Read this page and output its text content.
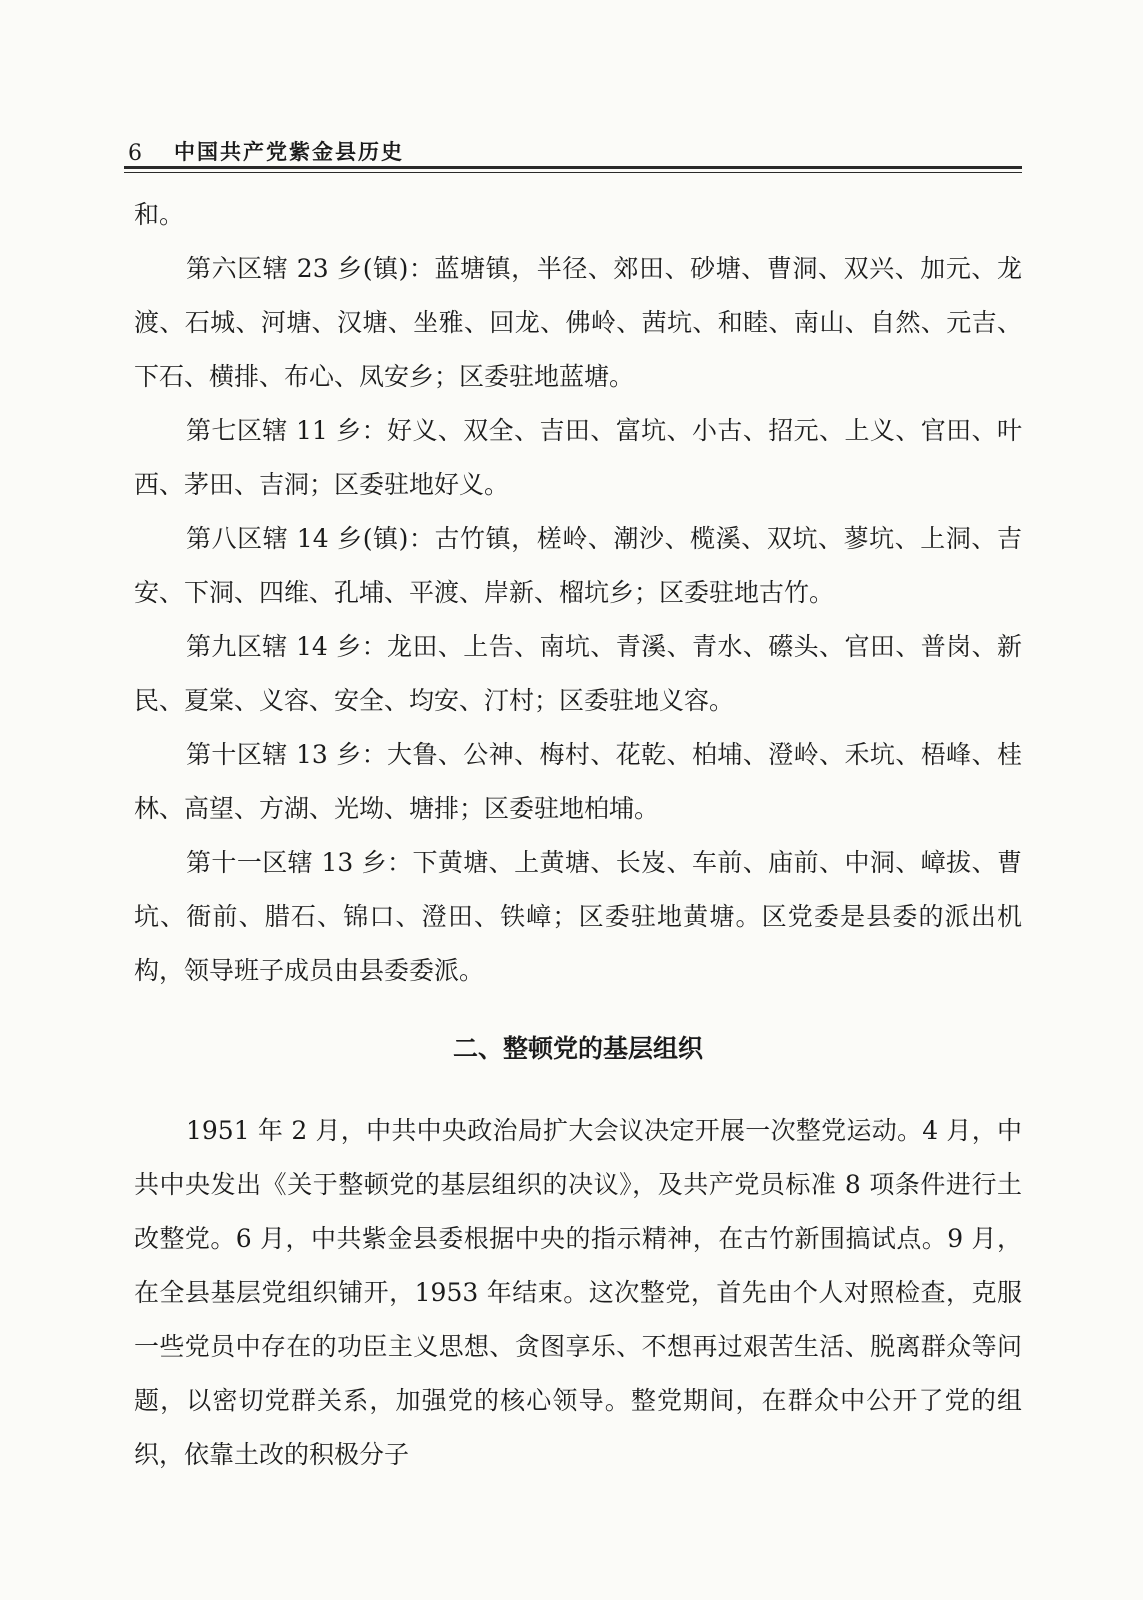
6	中国共产党紫金县历史

和。

第六区辖 23 乡(镇)：蓝塘镇，半径、郊田、砂塘、曹洞、双兴、加元、龙渡、石城、河塘、汉塘、坐雅、回龙、佛岭、茜坑、和睦、南山、自然、元吉、下石、横排、布心、凤安乡；区委驻地蓝塘。

第七区辖 11 乡：好义、双全、吉田、富坑、小古、招元、上义、官田、叶西、茅田、吉洞；区委驻地好义。

第八区辖 14 乡(镇)：古竹镇，槎岭、潮沙、榄溪、双坑、蓼坑、上洞、吉安、下洞、四维、孔埔、平渡、岸新、榴坑乡；区委驻地古竹。

第九区辖 14 乡：龙田、上告、南坑、青溪、青水、礤头、官田、普岗、新民、夏棠、义容、安全、均安、汀村；区委驻地义容。

第十区辖 13 乡：大鲁、公神、梅村、花乾、柏埔、澄岭、禾坑、梧峰、桂林、高望、方湖、光坳、塘排；区委驻地柏埔。

第十一区辖 13 乡：下黄塘、上黄塘、长岌、车前、庙前、中洞、嶂拔、曹坑、衙前、腊石、锦口、澄田、铁嶂；区委驻地黄塘。区党委是县委的派出机构，领导班子成员由县委委派。

二、整顿党的基层组织

1951 年 2 月，中共中央政治局扩大会议决定开展一次整党运动。4 月，中共中央发出《关于整顿党的基层组织的决议》，及共产党员标准 8 项条件进行土改整党。6 月，中共紫金县委根据中央的指示精神，在古竹新围搞试点。9 月，在全县基层党组织铺开，1953 年结束。这次整党，首先由个人对照检查，克服一些党员中存在的功臣主义思想、贪图享乐、不想再过艰苦生活、脱离群众等问题，以密切党群关系，加强党的核心领导。整党期间，在群众中公开了党的组织，依靠土改的积极分子
